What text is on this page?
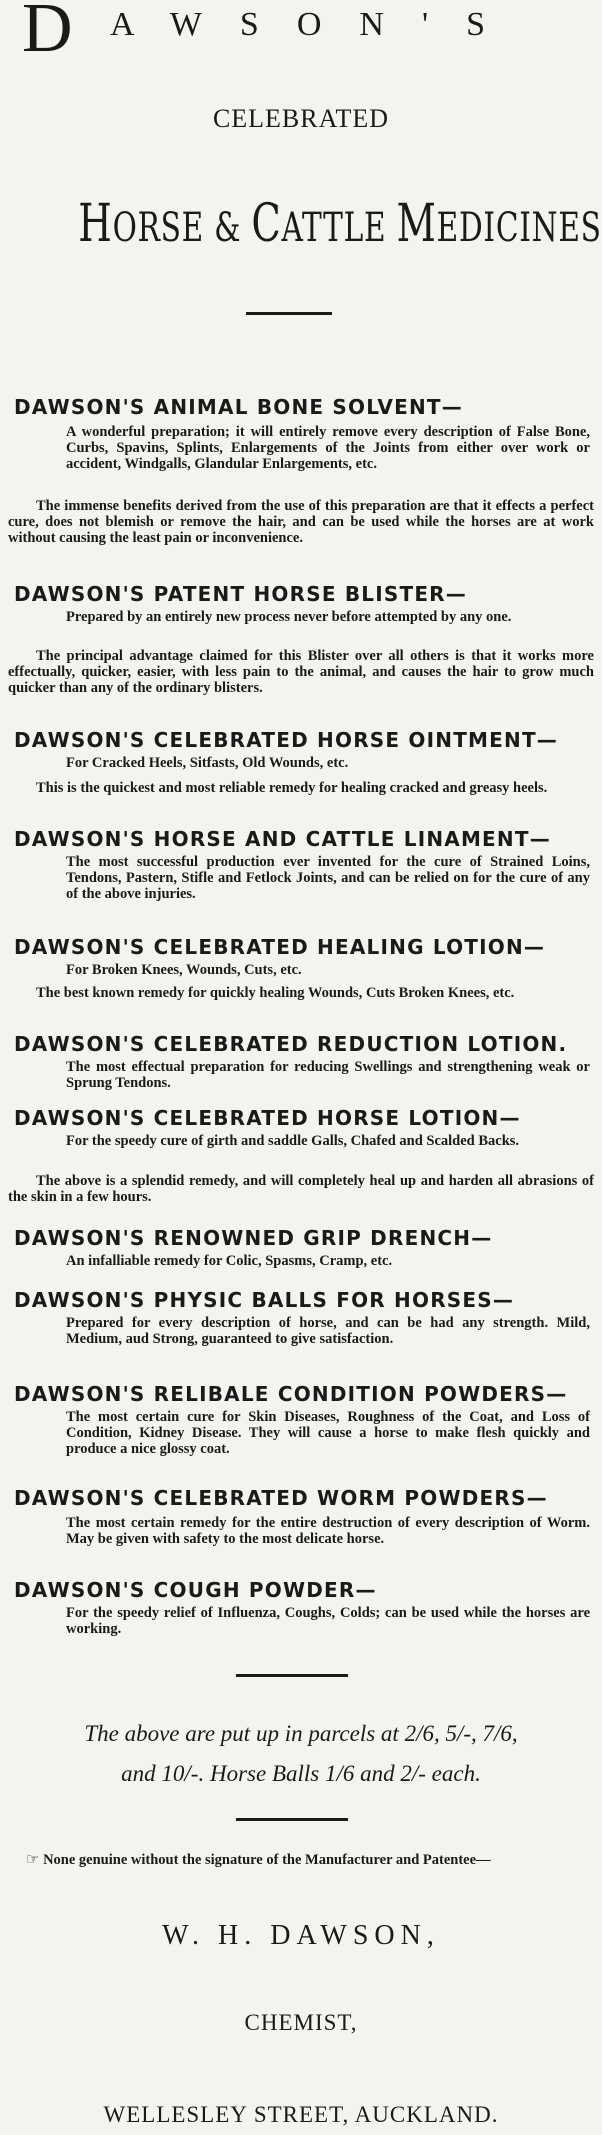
D AWSON'S
CELEBRATED
HORSE & CATTLE MEDICINES
DAWSON'S ANIMAL BONE SOLVENT—
A wonderful preparation; it will entirely remove every description of False Bone, Curbs, Spavins, Splints, Enlargements of the Joints from either over work or accident, Windgalls, Glandular Enlargements, etc.
The immense benefits derived from the use of this preparation are that it effects a perfect cure, does not blemish or remove the hair, and can be used while the horses are at work without causing the least pain or inconvenience.
DAWSON'S PATENT HORSE BLISTER—
Prepared by an entirely new process never before attempted by any one.
The principal advantage claimed for this Blister over all others is that it works more effectually, quicker, easier, with less pain to the animal, and causes the hair to grow much quicker than any of the ordinary blisters.
DAWSON'S CELEBRATED HORSE OINTMENT—
For Cracked Heels, Sitfasts, Old Wounds, etc.
This is the quickest and most reliable remedy for healing cracked and greasy heels.
DAWSON'S HORSE AND CATTLE LINAMENT—
The most successful production ever invented for the cure of Strained Loins, Tendons, Pastern, Stifle and Fetlock Joints, and can be relied on for the cure of any of the above injuries.
DAWSON'S CELEBRATED HEALING LOTION—
For Broken Knees, Wounds, Cuts, etc.
The best known remedy for quickly healing Wounds, Cuts Broken Knees, etc.
DAWSON'S CELEBRATED REDUCTION LOTION.
The most effectual preparation for reducing Swellings and strengthening weak or Sprung Tendons.
DAWSON'S CELEBRATED HORSE LOTION—
For the speedy cure of girth and saddle Galls, Chafed and Scalded Backs.
The above is a splendid remedy, and will completely heal up and harden all abrasions of the skin in a few hours.
DAWSON'S RENOWNED GRIP DRENCH—
An infalliable remedy for Colic, Spasms, Cramp, etc.
DAWSON'S PHYSIC BALLS FOR HORSES—
Prepared for every description of horse, and can be had any strength. Mild, Medium, aud Strong, guaranteed to give satisfaction.
DAWSON'S RELIBALE CONDITION POWDERS—
The most certain cure for Skin Diseases, Roughness of the Coat, and Loss of Condition, Kidney Disease. They will cause a horse to make flesh quickly and produce a nice glossy coat.
DAWSON'S CELEBRATED WORM POWDERS—
The most certain remedy for the entire destruction of every description of Worm. May be given with safety to the most delicate horse.
DAWSON'S COUGH POWDER—
For the speedy relief of Influenza, Coughs, Colds; can be used while the horses are working.
The above are put up in parcels at 2/6, 5/-, 7/6,
and 10/-. Horse Balls 1/6 and 2/- each.
☞ None genuine without the signature of the Manufacturer and Patentee—
W. H. DAWSON,
CHEMIST,
WELLESLEY STREET, AUCKLAND.
